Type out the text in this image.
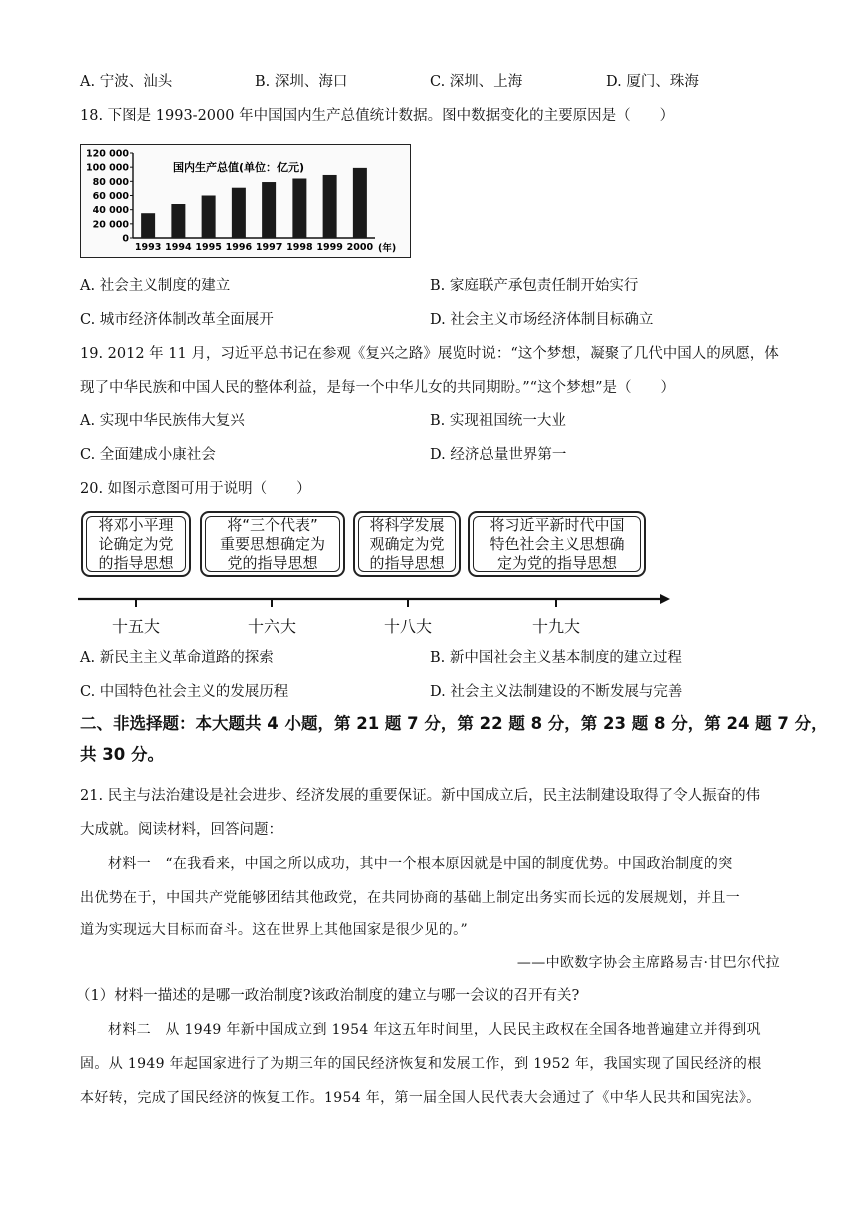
A. 宁波、汕头	B. 深圳、海口	C. 深圳、上海	D. 厦门、珠海
18. 下图是 1993-2000 年中国国内生产总值统计数据。图中数据变化的主要原因是（　　）
国内生产总值(单位：亿元)
(年)
120 000
100 000
80 000
60 000
40 000
20 000
0
1993 1994 1995 1996 1997 1998 1999 2000
A. 社会主义制度的建立	B. 家庭联产承包责任制开始实行
C. 城市经济体制改革全面展开	D. 社会主义市场经济体制目标确立
19. 2012 年 11 月，习近平总书记在参观《复兴之路》展览时说：“这个梦想，凝聚了几代中国人的夙愿，体
现了中华民族和中国人民的整体利益，是每一个中华儿女的共同期盼。”“这个梦想”是（　　）
A. 实现中华民族伟大复兴	B. 实现祖国统一大业
C. 全面建成小康社会	D. 经济总量世界第一
20. 如图示意图可用于说明（　　）
将邓小平理
论确定为党
的指导思想
将“三个代表”
重要思想确定为
党的指导思想
将科学发展
观确定为党
的指导思想
将习近平新时代中国
特色社会主义思想确
定为党的指导思想
十五大	十六大	十八大	十九大
A. 新民主主义革命道路的探索	B. 新中国社会主义基本制度的建立过程
C. 中国特色社会主义的发展历程	D. 社会主义法制建设的不断发展与完善
二、非选择题：本大题共 4 小题，第 21 题 7 分，第 22 题 8 分，第 23 题 8 分，第 24 题 7 分，
共 30 分。
21. 民主与法治建设是社会进步、经济发展的重要保证。新中国成立后，民主法制建设取得了令人振奋的伟
大成就。阅读材料，回答问题：
材料一　“在我看来，中国之所以成功，其中一个根本原因就是中国的制度优势。中国政治制度的突
出优势在于，中国共产党能够团结其他政党，在共同协商的基础上制定出务实而长远的发展规划，并且一
道为实现远大目标而奋斗。这在世界上其他国家是很少见的。”
——中欧数字协会主席路易吉·甘巴尔代拉
（1）材料一描述的是哪一政治制度?该政治制度的建立与哪一会议的召开有关?
材料二　从 1949 年新中国成立到 1954 年这五年时间里，人民民主政权在全国各地普遍建立并得到巩
固。从 1949 年起国家进行了为期三年的国民经济恢复和发展工作，到 1952 年，我国实现了国民经济的根
本好转，完成了国民经济的恢复工作。1954 年，第一届全国人民代表大会通过了《中华人民共和国宪法》。
